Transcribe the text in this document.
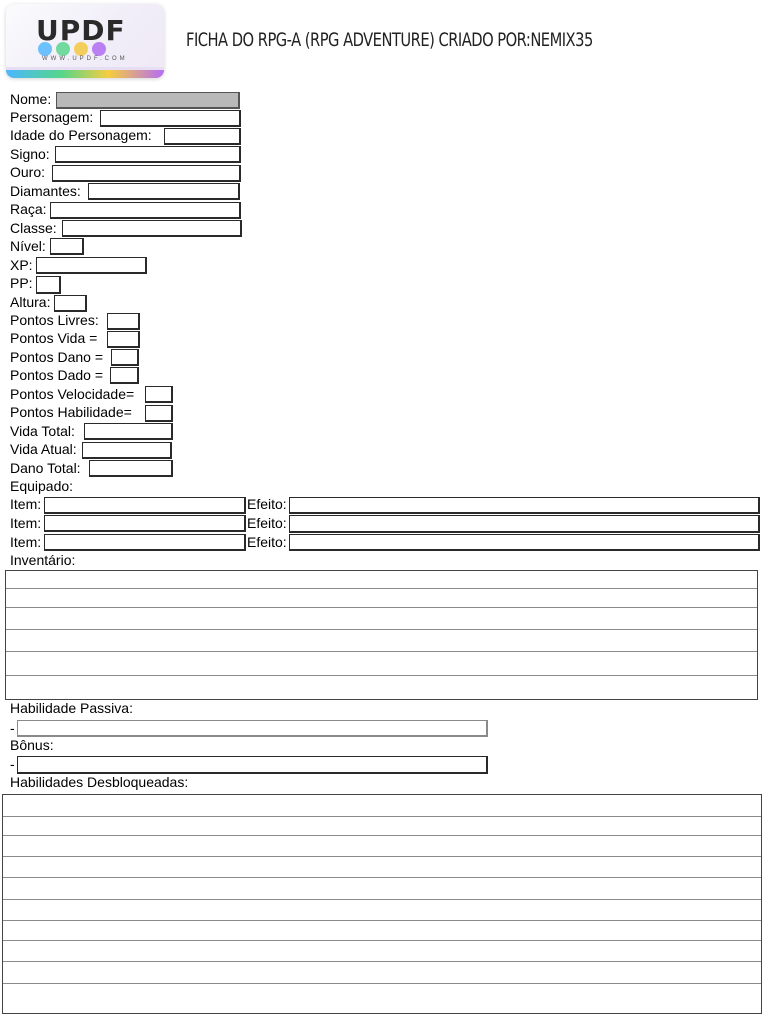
UPDF
WWW.UPDF.COM
FICHA DO RPG-A (RPG ADVENTURE) CRIADO POR:NEMIX35
Nome:
Personagem:
Idade do Personagem:
Signo:
Ouro:
Diamantes:
Raça:
Classe:
Nível:
XP:
PP:
Altura:
Pontos Livres:
Pontos Vida =
Pontos Dano =
Pontos Dado =
Pontos Velocidade=
Pontos Habilidade=
Vida Total:
Vida Atual:
Dano Total:
Equipado:
Item:	Efeito:
Item:	Efeito:
Item:	Efeito:
Inventário:
Habilidade Passiva:
-
Bônus:
-
Habilidades Desbloqueadas:
